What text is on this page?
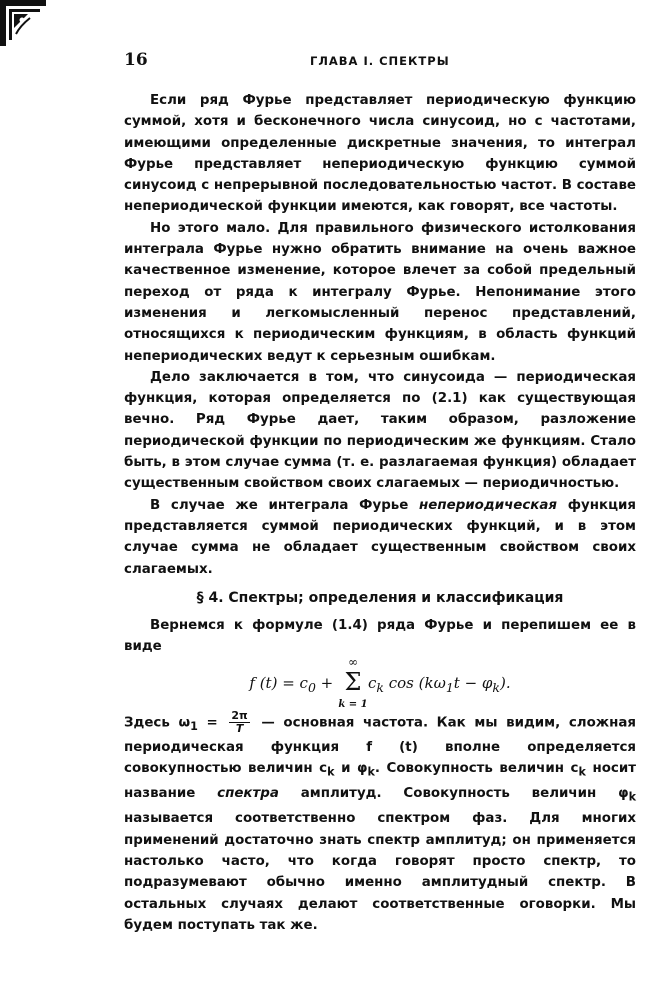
16	ГЛАВА I. СПЕКТРЫ

Если ряд Фурье представляет периодическую функцию суммой, хотя и бесконечного числа синусоид, но с частотами, имеющими определенные дискретные значения, то интеграл Фурье представляет непериодическую функцию суммой синусоид с непрерывной последовательностью частот. В составе непериодической функции имеются, как говорят, все частоты.

Но этого мало. Для правильного физического истолкования интеграла Фурье нужно обратить внимание на очень важное качественное изменение, которое влечет за собой предельный переход от ряда к интегралу Фурье. Непонимание этого изменения и легкомысленный перенос представлений, относящихся к периодическим функциям, в область функций непериодических ведут к серьезным ошибкам.

Дело заключается в том, что синусоида — периодическая функция, которая определяется по (2.1) как существующая вечно. Ряд Фурье дает, таким образом, разложение периодической функции по периодическим же функциям. Стало быть, в этом случае сумма (т. е. разлагаемая функция) обладает существенным свойством своих слагаемых — периодичностью.

В случае же интеграла Фурье непериодическая функция представляется суммой периодических функций, и в этом случае сумма не обладает существенным свойством своих слагаемых.

§ 4. Спектры; определения и классификация

Вернемся к формуле (1.4) ряда Фурье и перепишем ее в виде

f $(t) = c_0$ +
∞
Σ
k = 1
$c_k$ $\cos (k\omega_1t - \varphi_k)$.

Здесь $\omega_1 = \frac{2\pi}{T}$ — основная частота. Как мы видим, сложная периодическая функция f (t) вполне определяется совокупностью величин $c_k$ и $\varphi_k$. Совокупность величин $c_k$ носит название спектра амплитуд. Совокупность величин $\varphi_k$ называется соответственно спектром фаз. Для многих применений достаточно знать спектр амплитуд; он применяется настолько часто, что когда говорят просто спектр, то подразумевают обычно именно амплитудный спектр. В остальных случаях делают соответственные оговорки. Мы будем поступать так же.
